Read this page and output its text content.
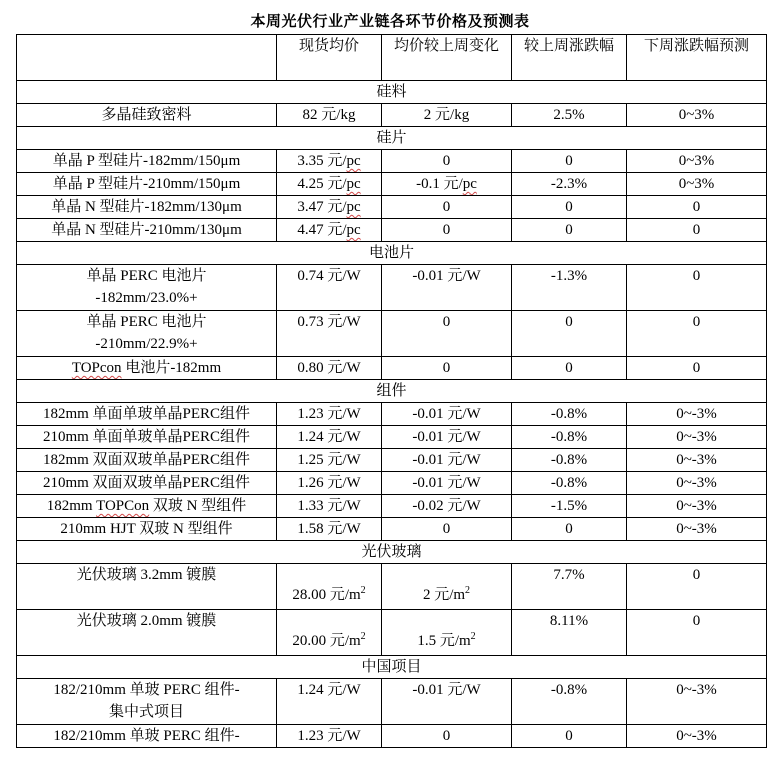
本周光伏行业产业链各环节价格及预测表
	现货均价	均价较上周变化	较上周涨跌幅	下周涨跌幅预测
硅料				
多晶硅致密料	82 元/kg	2 元/kg	2.5%	0~3%
硅片				
单晶 P 型硅片-182mm/150μm	3.35 元/pc	0	0	0~3%
单晶 P 型硅片-210mm/150μm	4.25 元/pc	-0.1 元/pc	-2.3%	0~3%
单晶 N 型硅片-182mm/130μm	3.47 元/pc	0	0	0
单晶 N 型硅片-210mm/130μm	4.47 元/pc	0	0	0
电池片				

单晶 PERC 电池片
-182mm/23.0%+	0.74 元/W	-0.01 元/W	-1.3%	0

单晶 PERC 电池片
-210mm/22.9%+	0.73 元/W	0	0	0
TOPcon 电池片-182mm	0.80 元/W	0	0	0
组件				
182mm 单面单玻单晶PERC组件	1.23 元/W	-0.01 元/W	-0.8%	0~-3%
210mm 单面单玻单晶PERC组件	1.24 元/W	-0.01 元/W	-0.8%	0~-3%
182mm 双面双玻单晶PERC组件	1.25 元/W	-0.01 元/W	-0.8%	0~-3%
210mm 双面双玻单晶PERC组件	1.26 元/W	-0.01 元/W	-0.8%	0~-3%
182mm TOPCon 双玻 N 型组件	1.33 元/W	-0.02 元/W	-1.5%	0~-3%
210mm HJT 双玻 N 型组件	1.58 元/W	0	0	0~-3%
光伏玻璃				
光伏玻璃 3.2mm 镀膜	28.00 元$/m^2$	2 元$/m^2$	7.7%	0
光伏玻璃 2.0mm 镀膜	20.00 元$/m^2$	1.5 元$/m^2$	8.11%	0
中国项目				

182/210mm 单玻 PERC 组件-
集中式项目	1.24 元/W	-0.01 元/W	-0.8%	0~-3%
182/210mm 单玻 PERC 组件-	1.23 元/W	0	0	0~-3%
